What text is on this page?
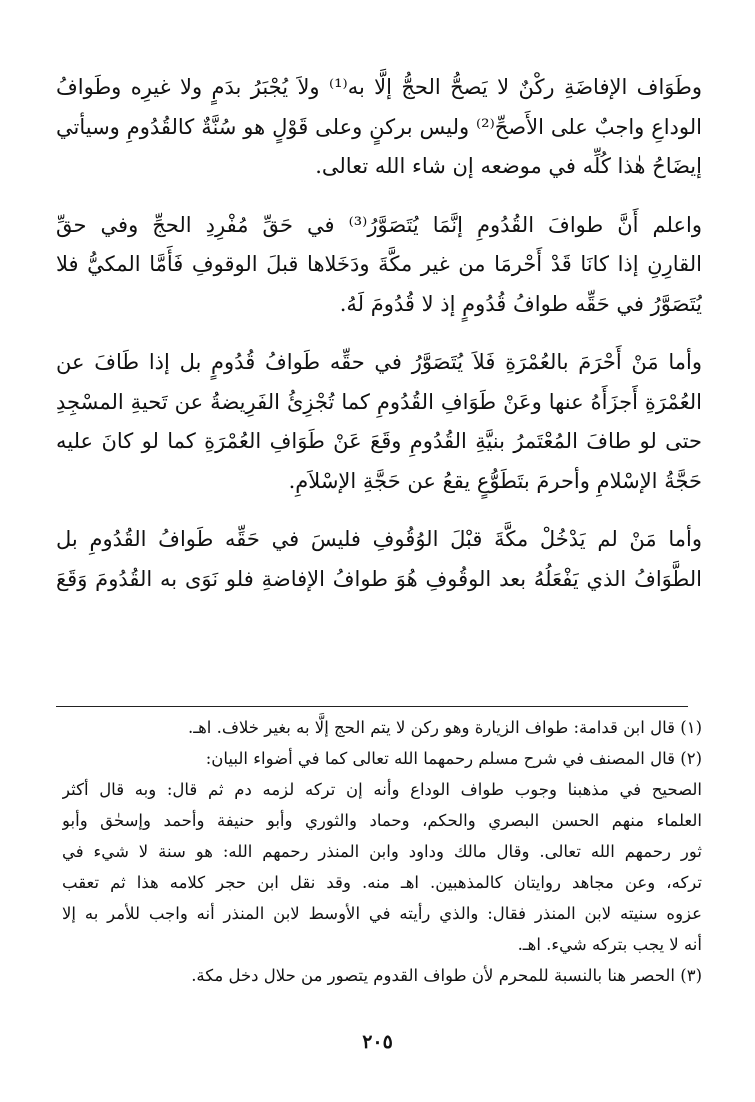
وطَوَاف الإفاضَةِ ركْنٌ لا يَصحُّ الحجُّ إلَّا به⁽¹⁾ ولاَ يُجْبَرُ بدَمٍ ولا غيرِه وطَوافُ
الوداعِ واجبٌ على الأَصحِّ⁽²⁾ وليس بركنٍ وعلى قَوْلٍ هو سُنَّةٌ كالقُدُومِ وسيأتي
إيضَاحُ هٰذا كُلِّه في موضعه إن شاء الله تعالى.
واعلم أَنَّ طوافَ القُدُومِ إنَّمَا يُتَصَوَّرُ⁽³⁾ في حَقِّ مُفْرِدِ الحجِّ وفي حقِّ
القارِنِ إذا كانَا قَدْ أَحْرمَا من غير مكَّةَ ودَخَلاها قبلَ الوقوفِ فَأَمَّا المكيُّ فلا
يُتَصَوَّرُ في حَقِّه طوافُ قُدُومٍ إذ لا قُدُومَ لَهُ.
وأما مَنْ أَحْرَمَ بالعُمْرَةِ فَلاَ يُتَصَوَّرُ في حقِّه طَوافُ قُدُومٍ بل إذا طَافَ عن
العُمْرَةِ أَجزَأَهُ عنها وعَنْ طَوَافِ القُدُومِ كما تُجْزِئُ الفَرِيضةُ عن تَحيةِ المسْجِدِ
حتى لو طافَ المُعْتَمرُ بنيَّةِ القُدُومِ وقَعَ عَنْ طَوَافِ العُمْرَةِ كما لو كانَ عليه
حَجَّةُ الإسْلامِ وأحرمَ بتَطَوُّعٍ يقعُ عن حَجَّةِ الإسْلاَمِ.
وأما مَنْ لم يَدْخُلْ مكَّةَ قبْلَ الوُقُوفِ فليسَ في حَقِّه طَوافُ القُدُومِ بل
الطَّوَافُ الذي يَفْعَلُهُ بعد الوقُوفِ هُوَ طوافُ الإفاضةِ فلو نَوَى به القُدُومَ وَقَعَ
(١) قال ابن قدامة: طواف الزيارة وهو ركن لا يتم الحج إلَّا به بغير خلاف. اهـ.
(٢) قال المصنف في شرح مسلم رحمهما الله تعالى كما في أضواء البيان:
الصحيح في مذهبنا وجوب طواف الوداع وأنه إن تركه لزمه دم ثم قال: وبه قال أكثر
العلماء منهم الحسن البصري والحكم، وحماد والثوري وأبو حنيفة وأحمد وإسحٰق وأبو
ثور رحمهم الله تعالى. وقال مالك وداود وابن المنذر رحمهم الله: هو سنة لا شيء في
تركه، وعن مجاهد روايتان كالمذهبين. اهـ منه. وقد نقل ابن حجر كلامه هذا ثم تعقب
عزوه سنيته لابن المنذر فقال: والذي رأيته في الأوسط لابن المنذر أنه واجب للأمر به إلا
أنه لا يجب بتركه شيء. اهـ.
(٣) الحصر هنا بالنسبة للمحرم لأن طواف القدوم يتصور من حلال دخل مكة.
٢٠٥
